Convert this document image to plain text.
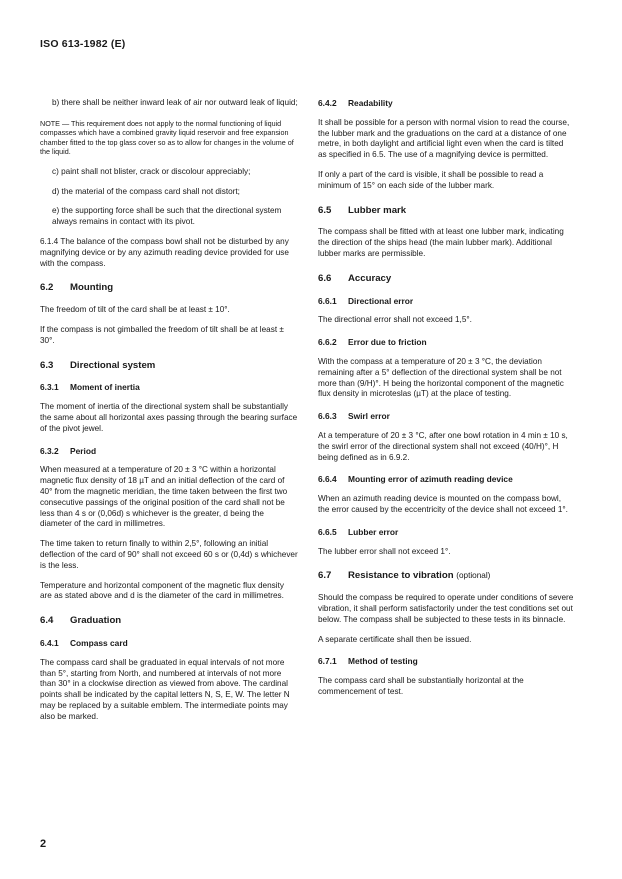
ISO 613-1982 (E)

b) there shall be neither inward leak of air nor outward leak of liquid;

NOTE — This requirement does not apply to the normal functioning of liquid compasses which have a combined gravity liquid reservoir and free expansion chamber fitted to the top glass cover so as to allow for changes in the volume of the liquid.

c) paint shall not blister, crack or discolour appreciably;

d) the material of the compass card shall not distort;

e) the supporting force shall be such that the directional system always remains in contact with its pivot.

6.1.4 The balance of the compass bowl shall not be disturbed by any magnifying device or by any azimuth reading device provided for use with the compass.

6.2 Mounting

The freedom of tilt of the card shall be at least ± 10°.

If the compass is not gimballed the freedom of tilt shall be at least ± 30°.

6.3 Directional system
6.3.1 Moment of inertia

The moment of inertia of the directional system shall be substantially the same about all horizontal axes passing through the bearing surface of the pivot jewel.

6.3.2 Period

When measured at a temperature of 20 ± 3 °C within a horizontal magnetic flux density of 18 µT and an initial deflection of the card of 40° from the magnetic meridian, the time taken between the first two consecutive passings of the original position of the card shall not be less than 4 s or (0,06d) s whichever is the greater, d being the diameter of the card in millimetres.

The time taken to return finally to within 2,5°, following an initial deflection of the card of 90° shall not exceed 60 s or (0,4d) s whichever is the less.

Temperature and horizontal component of the magnetic flux density are as stated above and d is the diameter of the card in millimetres.

6.4 Graduation
6.4.1 Compass card

The compass card shall be graduated in equal intervals of not more than 5°, starting from North, and numbered at intervals of not more than 30° in a clockwise direction as viewed from above. The cardinal points shall be indicated by the capital letters N, S, E, W. The letter N may be replaced by a suitable emblem. The intermediate points may also be marked.

6.4.2 Readability

It shall be possible for a person with normal vision to read the course, the lubber mark and the graduations on the card at a distance of one metre, in both daylight and artificial light even when the card is tilted as specified in 6.5. The use of a magnifying device is permitted.

If only a part of the card is visible, it shall be possible to read a minimum of 15° on each side of the lubber mark.

6.5 Lubber mark

The compass shall be fitted with at least one lubber mark, indicating the direction of the ships head (the main lubber mark). Additional lubber marks are permissible.

6.6 Accuracy
6.6.1 Directional error

The directional error shall not exceed 1,5°.

6.6.2 Error due to friction

With the compass at a temperature of 20 ± 3 °C, the deviation remaining after a 5° deflection of the directional system shall be not more than (9/H)°. H being the horizontal component of the magnetic flux density in microteslas (µT) at the place of testing.

6.6.3 Swirl error

At a temperature of 20 ± 3 °C, after one bowl rotation in 4 min ± 10 s, the swirl error of the directional system shall not exceed (40/H)°, H being defined as in 6.9.2.

6.6.4 Mounting error of azimuth reading device

When an azimuth reading device is mounted on the compass bowl, the error caused by the eccentricity of the device shall not exceed 1°.

6.6.5 Lubber error

The lubber error shall not exceed 1°.

6.7 Resistance to vibration (optional)

Should the compass be required to operate under conditions of severe vibration, it shall perform satisfactorily under the test conditions set out below. The compass shall be subjected to these tests in its binnacle.

A separate certificate shall then be issued.

6.7.1 Method of testing

The compass card shall be substantially horizontal at the commencement of test.

2
